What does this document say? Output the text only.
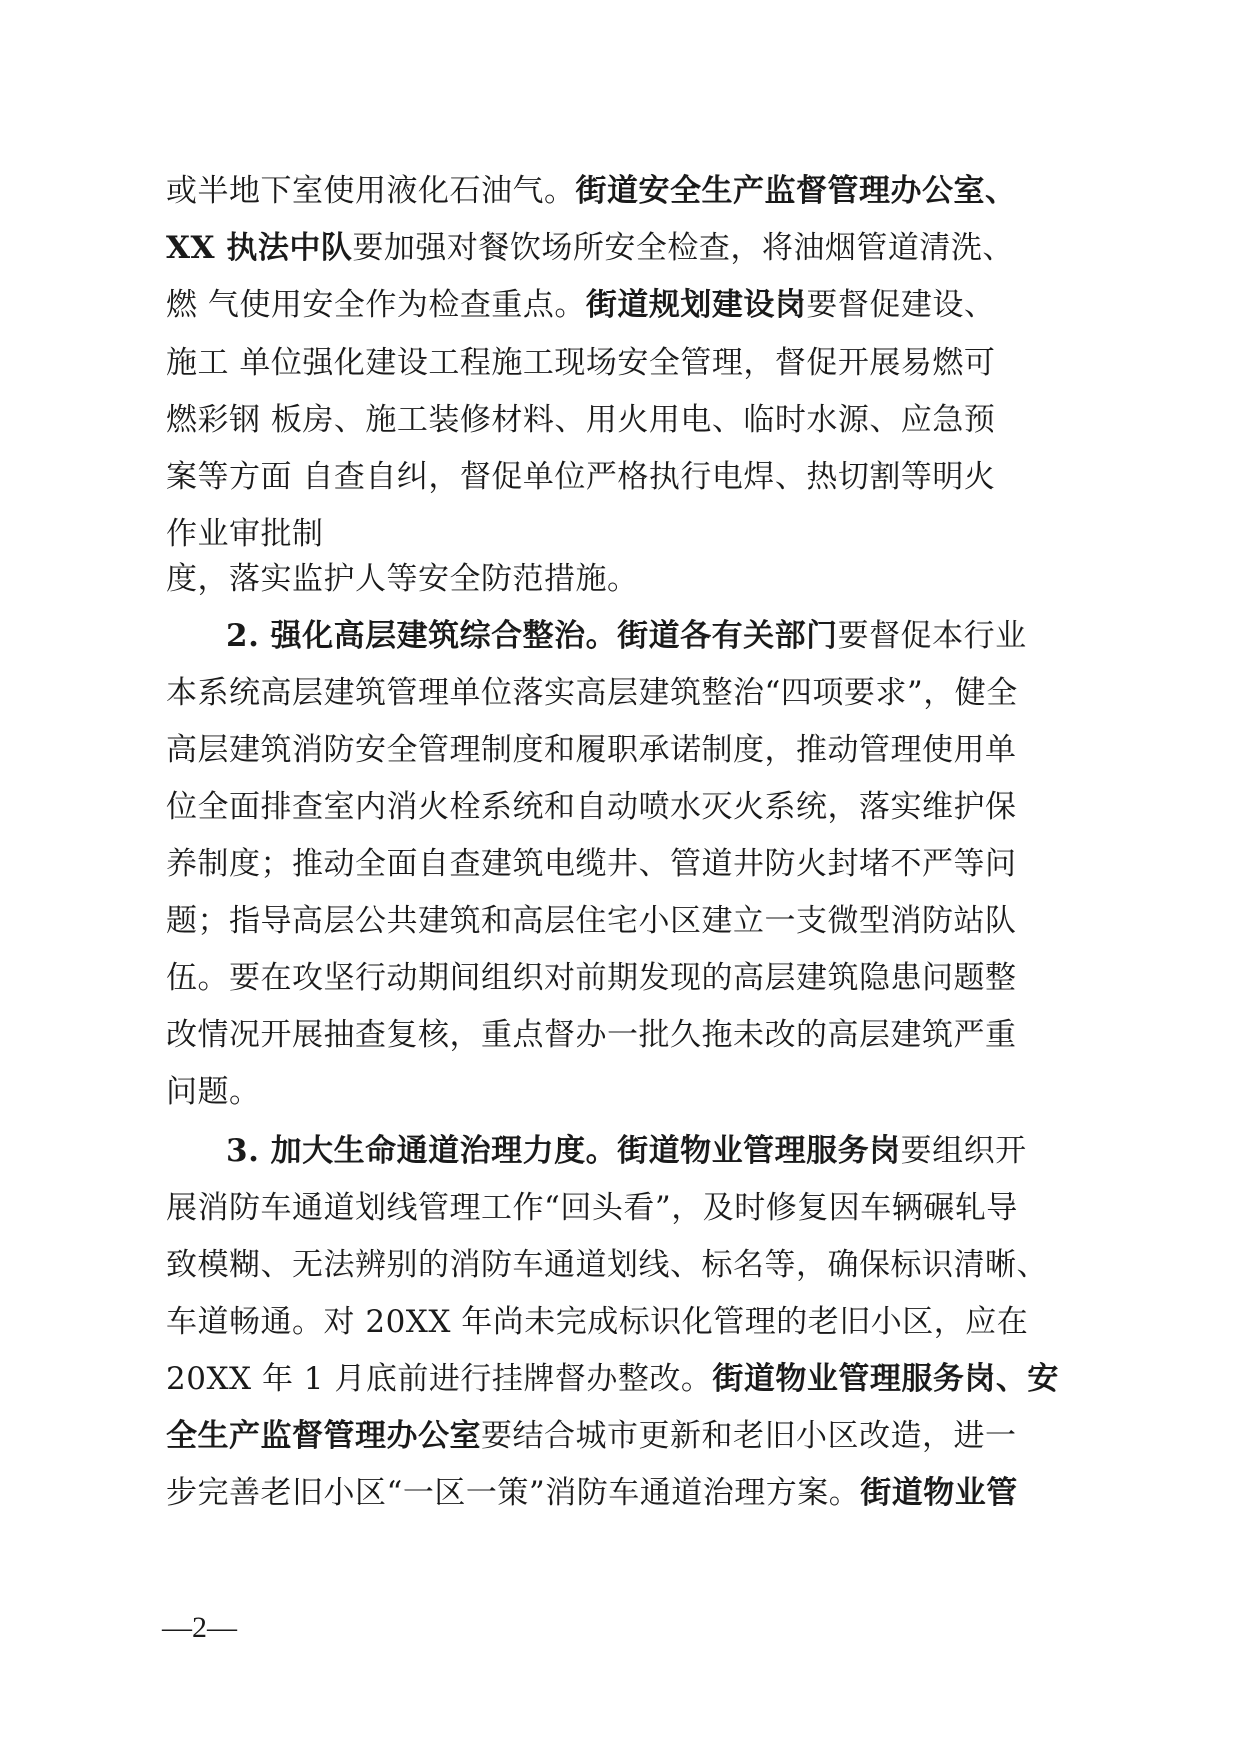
或半地下室使用液化石油气。街道安全生产监督管理办公室、
XX 执法中队要加强对餐饮场所安全检查，将油烟管道清洗、
燃 气使用安全作为检查重点。街道规划建设岗要督促建设、
施工 单位强化建设工程施工现场安全管理，督促开展易燃可
燃彩钢 板房、施工装修材料、用火用电、临时水源、应急预
案等方面 自查自纠，督促单位严格执行电焊、热切割等明火
作业审批制
度，落实监护人等安全防范措施。
2. 强化高层建筑综合整治。街道各有关部门要督促本行业
本系统高层建筑管理单位落实高层建筑整治“四项要求”，健全
高层建筑消防安全管理制度和履职承诺制度，推动管理使用单
位全面排查室内消火栓系统和自动喷水灭火系统，落实维护保
养制度；推动全面自查建筑电缆井、管道井防火封堵不严等问
题；指导高层公共建筑和高层住宅小区建立一支微型消防站队
伍。要在攻坚行动期间组织对前期发现的高层建筑隐患问题整
改情况开展抽查复核，重点督办一批久拖未改的高层建筑严重
问题。
3. 加大生命通道治理力度。街道物业管理服务岗要组织开
展消防车通道划线管理工作“回头看”，及时修复因车辆碾轧导
致模糊、无法辨别的消防车通道划线、标名等，确保标识清晰、
车道畅通。对 20XX 年尚未完成标识化管理的老旧小区，应在
20XX 年 1 月底前进行挂牌督办整改。街道物业管理服务岗、安
全生产监督管理办公室要结合城市更新和老旧小区改造，进一
步完善老旧小区“一区一策”消防车通道治理方案。街道物业管
—2—
